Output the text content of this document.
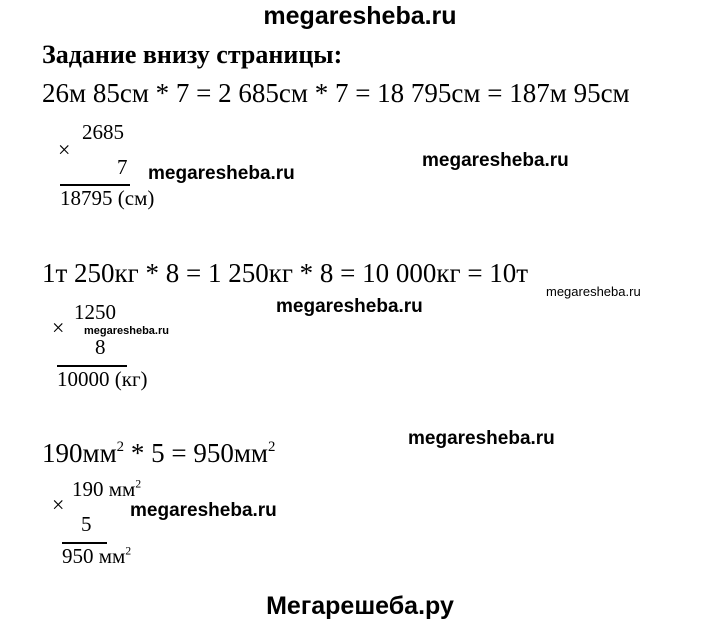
megaresheba.ru
Задание внизу страницы:
26м 85см * 7 = 2 685см * 7 = 18 795см = 187м 95см
×
2685
7
18795 (см)
megaresheba.ru
megaresheba.ru
1т 250кг * 8 = 1 250кг * 8 = 10 000кг = 10т
megaresheba.ru
×
1250
8
10000 (кг)
megaresheba.ru
megaresheba.ru
$190мм^2 * 5 = 950мм^2$	megaresheba.ru
×
190 $мм^2$
5
950 $мм^2$
megaresheba.ru
Мегарешеба.ру
